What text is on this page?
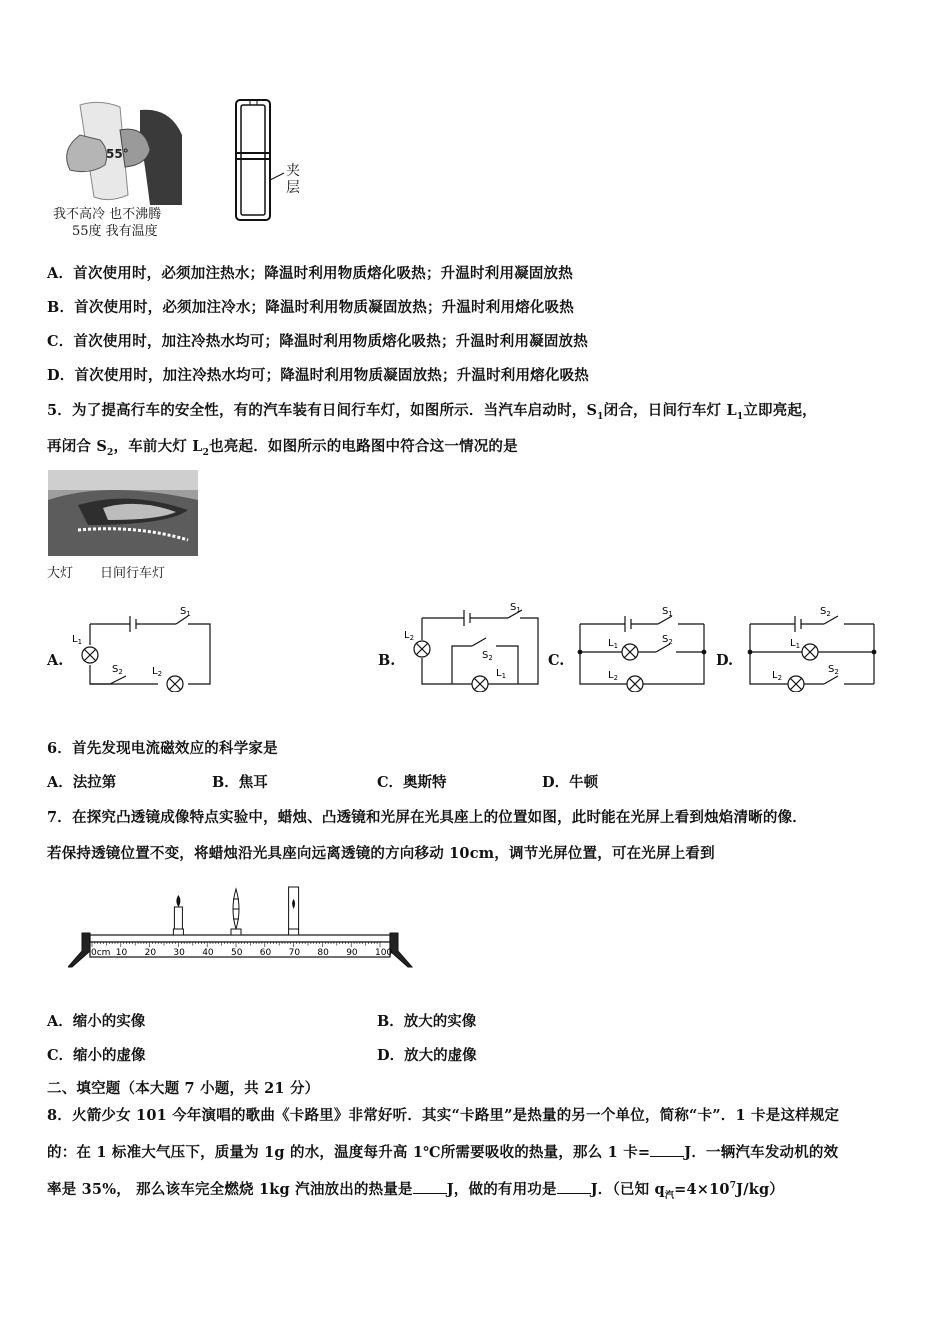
55°
夹
层
我不高冷 也不沸腾
55度 我有温度
A．首次使用时，必须加注热水；降温时利用物质熔化吸热；升温时利用凝固放热
B．首次使用时，必须加注冷水；降温时利用物质凝固放热；升温时利用熔化吸热
C．首次使用时，加注冷热水均可；降温时利用物质熔化吸热；升温时利用凝固放热
D．首次使用时，加注冷热水均可；降温时利用物质凝固放热；升温时利用熔化吸热
5．为了提高行车的安全性，有的汽车装有日间行车灯，如图所示．当汽车启动时，$S_1$闭合，日间行车灯 $L_1$立即亮起，
再闭合 $S_2$，车前大灯 $L_2$也亮起．如图所示的电路图中符合这一情况的是
大灯 日间行车灯
A.	B.	C.	D.
$L_1$
$S_1$
$S_2$	$L_2$
$L_2$
$S_1$
$S_2$
$L_1$
$L_1$
$S_1$
$S_2$
$L_2$
$L_1$
$S_2$
$S_2$
$L_2$
6．首先发现电流磁效应的科学家是
A．法拉第	B．焦耳	C．奥斯特	D．牛顿
7．在探究凸透镜成像特点实验中，蜡烛、凸透镜和光屏在光具座上的位置如图，此时能在光屏上看到烛焰清晰的像．
若保持透镜位置不变，将蜡烛沿光具座向远离透镜的方向移动 10cm，调节光屏位置，可在光屏上看到
0cm 10 20 30 40 50 60 70 80 90 100
A．缩小的实像	B．放大的实像
C．缩小的虚像	D．放大的虚像
二、填空题（本大题 7 小题，共 21 分）
8．火箭少女 101 今年演唱的歌曲《卡路里》非常好听．其实“卡路里”是热量的另一个单位，简称“卡”．1 卡是这样规定
的：在 1 标准大气压下，质量为 1g 的水，温度每升高 1℃所需要吸收的热量，那么 1 卡= J．一辆汽车发动机的效
率是 35%， 那么该车完全燃烧 1kg 汽油放出的热量是 J，做的有用功是 J．（已知 $q_汽=4\times 10^7J/kg$）
